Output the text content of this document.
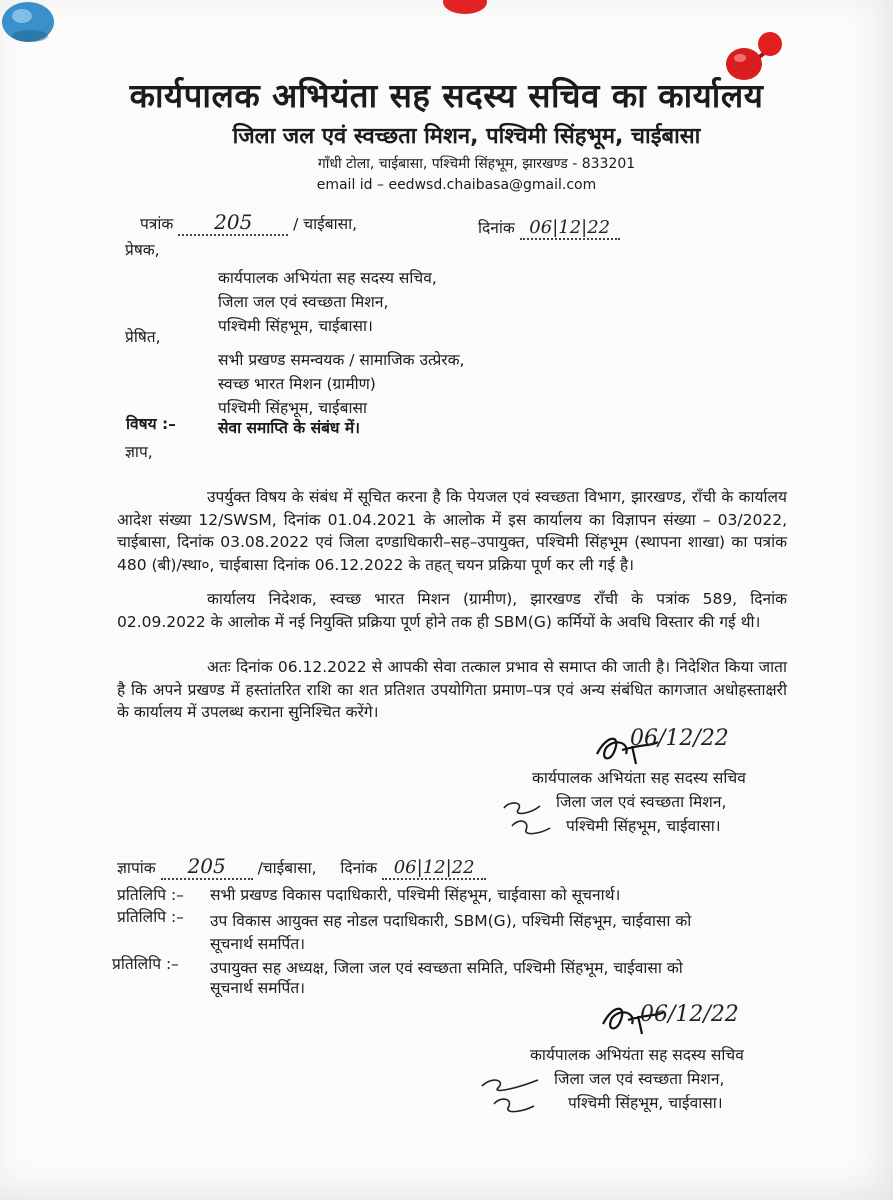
कार्यपालक अभियंता सह सदस्य सचिव का कार्यालय
जिला जल एवं स्वच्छता मिशन, पश्चिमी सिंहभूम, चाईबासा
गाँधी टोला, चाईबासा, पश्चिमी सिंहभूम, झारखण्ड - 833201
email id – eedwsd.chaibasa@gmail.com
पत्रांक 205	/ चाईबासा,	दिनांक 06|12|22
प्रेषक,
कार्यपालक अभियंता सह सदस्य सचिव,
जिला जल एवं स्वच्छता मिशन,
पश्चिमी सिंहभूम, चाईबासा।
प्रेषित,
सभी प्रखण्ड समन्वयक / सामाजिक उत्प्रेरक,
स्वच्छ भारत मिशन (ग्रामीण)
पश्चिमी सिंहभूम, चाईबासा
विषय :–	सेवा समाप्ति के संबंध में।
ज्ञाप,
उपर्युक्त विषय के संबंध में सूचित करना है कि पेयजल एवं स्वच्छता विभाग, झारखण्ड, राँची के कार्यालय आदेश संख्या 12/SWSM, दिनांक 01.04.2021 के आलोक में इस कार्यालय का विज्ञापन संख्या – 03/2022, चाईबासा, दिनांक 03.08.2022 एवं जिला दण्डाधिकारी–सह–उपायुक्त, पश्चिमी सिंहभूम (स्थापना शाखा) का पत्रांक 480 (बी)/स्था०, चाईबासा दिनांक 06.12.2022 के तहत् चयन प्रक्रिया पूर्ण कर ली गई है।
कार्यालय निदेशक, स्वच्छ भारत मिशन (ग्रामीण), झारखण्ड राँची के पत्रांक 589, दिनांक 02.09.2022 के आलोक में नई नियुक्ति प्रक्रिया पूर्ण होने तक ही SBM(G) कर्मियों के अवधि विस्तार की गई थी।
अतः दिनांक 06.12.2022 से आपकी सेवा तत्काल प्रभाव से समाप्त की जाती है। निदेशित किया जाता है कि अपने प्रखण्ड में हस्तांतरित राशि का शत प्रतिशत उपयोगिता प्रमाण–पत्र एवं अन्य संबंधित कागजात अधोहस्ताक्षरी के कार्यालय में उपलब्ध कराना सुनिश्चित करेंगे।
06/12/22
कार्यपालक अभियंता सह सदस्य सचिव
जिला जल एवं स्वच्छता मिशन,
पश्चिमी सिंहभूम, चाईवासा।
ज्ञापांक 205 /चाईबासा, दिनांक 06|12|22
प्रतिलिपि :– सभी प्रखण्ड विकास पदाधिकारी, पश्चिमी सिंहभूम, चाईवासा को सूचनार्थ।
प्रतिलिपि :– उप विकास आयुक्त सह नोडल पदाधिकारी, SBM(G), पश्चिमी सिंहभूम, चाईवासा को
सूचनार्थ समर्पित।
प्रतिलिपि :– उपायुक्त सह अध्यक्ष, जिला जल एवं स्वच्छता समिति, पश्चिमी सिंहभूम, चाईवासा को
सूचनार्थ समर्पित।
06/12/22
कार्यपालक अभियंता सह सदस्य सचिव
जिला जल एवं स्वच्छता मिशन,
पश्चिमी सिंहभूम, चाईवासा।
